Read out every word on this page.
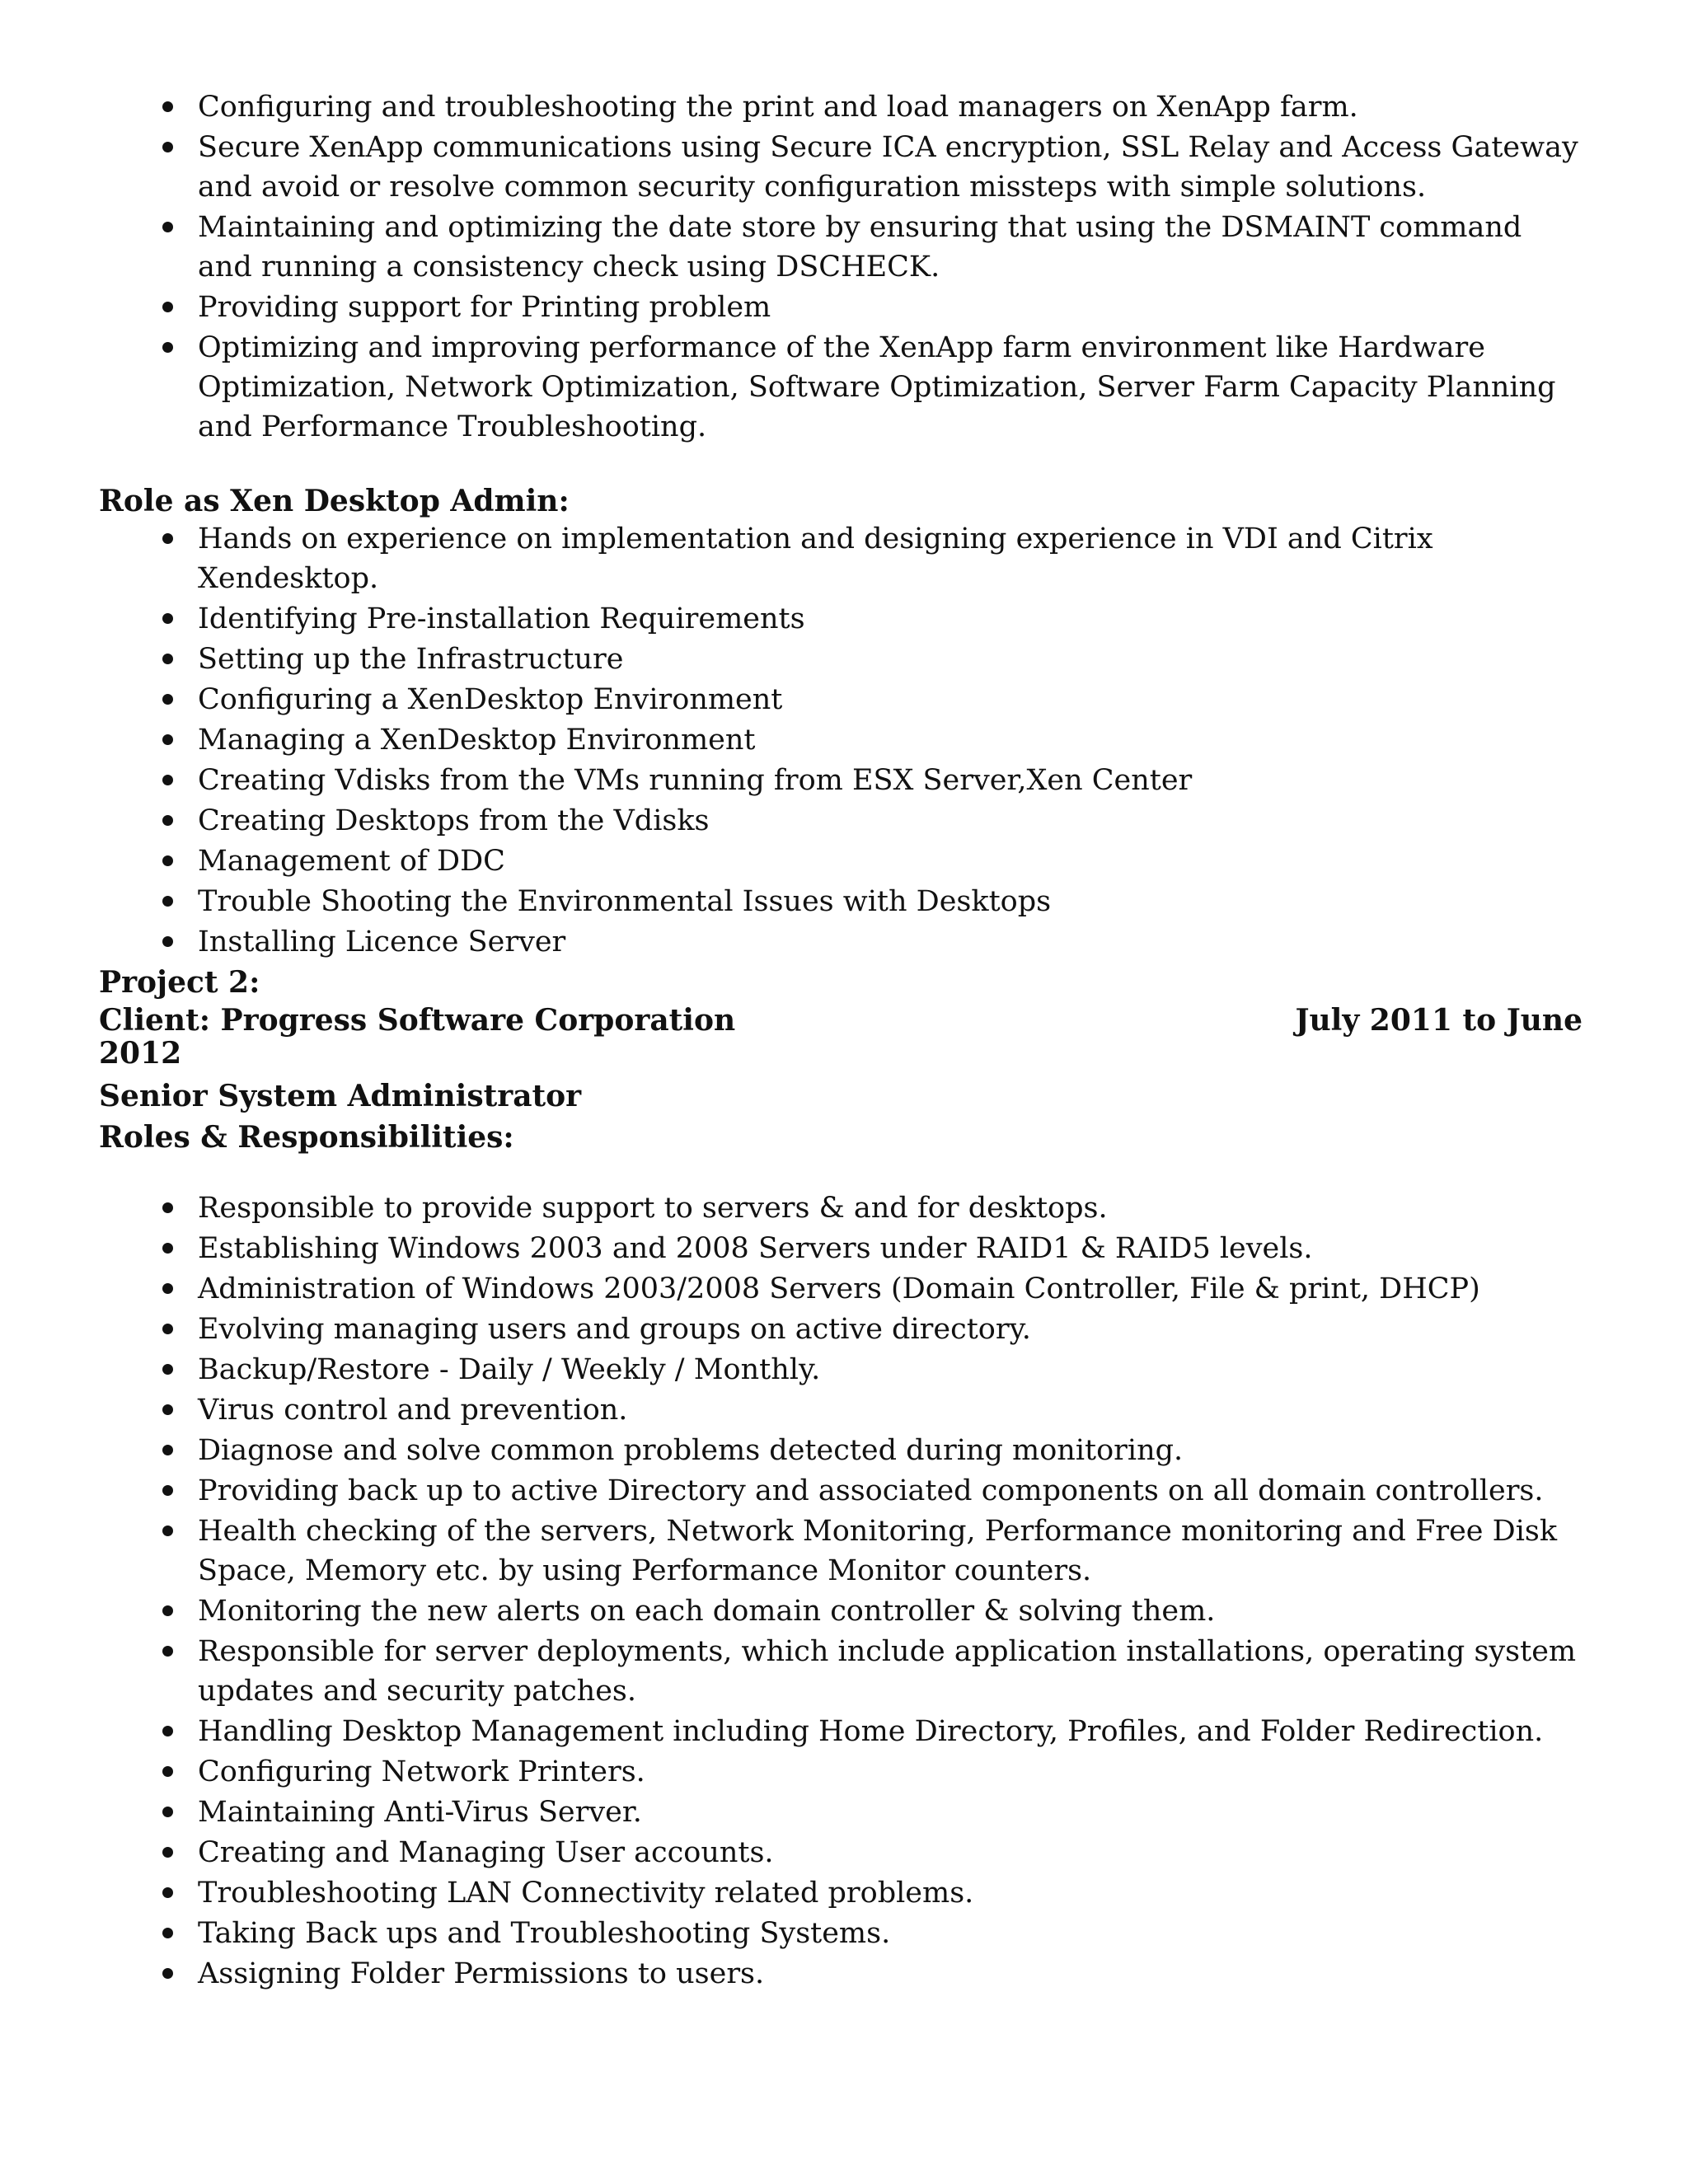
Configuring and troubleshooting the print and load managers on XenApp farm.
Secure XenApp communications using Secure ICA encryption, SSL Relay and Access Gateway and avoid or resolve common security configuration missteps with simple solutions.
Maintaining and optimizing the date store by ensuring that using the DSMAINT command and running a consistency check using DSCHECK.
Providing support for Printing problem
Optimizing and improving performance of the XenApp farm environment like Hardware Optimization, Network Optimization, Software Optimization, Server Farm Capacity Planning and Performance Troubleshooting.
Role as Xen Desktop Admin:
Hands on experience on implementation and designing experience in VDI and Citrix Xendesktop.
Identifying Pre-installation Requirements
Setting up the Infrastructure
Configuring a XenDesktop Environment
Managing a XenDesktop Environment
Creating Vdisks from the VMs running from ESX Server,Xen Center
Creating Desktops from the Vdisks
Management of DDC
Trouble Shooting the Environmental Issues with Desktops
Installing Licence Server
Project 2:
Client: Progress Software Corporation	July 2011 to June
2012
Senior System Administrator
Roles & Responsibilities:
Responsible to provide support to servers & and for desktops.
Establishing Windows 2003 and 2008 Servers under RAID1 & RAID5 levels.
Administration of Windows 2003/2008 Servers (Domain Controller, File & print, DHCP)
Evolving managing users and groups on active directory.
Backup/Restore - Daily / Weekly / Monthly.
Virus control and prevention.
Diagnose and solve common problems detected during monitoring.
Providing back up to active Directory and associated components on all domain controllers.
Health checking of the servers, Network Monitoring, Performance monitoring and Free Disk Space, Memory etc. by using Performance Monitor counters.
Monitoring the new alerts on each domain controller & solving them.
Responsible for server deployments, which include application installations, operating system updates and security patches.
Handling Desktop Management including Home Directory, Profiles, and Folder Redirection.
Configuring Network Printers.
Maintaining Anti-Virus Server.
Creating and Managing User accounts.
Troubleshooting LAN Connectivity related problems.
Taking Back ups and Troubleshooting Systems.
Assigning Folder Permissions to users.
